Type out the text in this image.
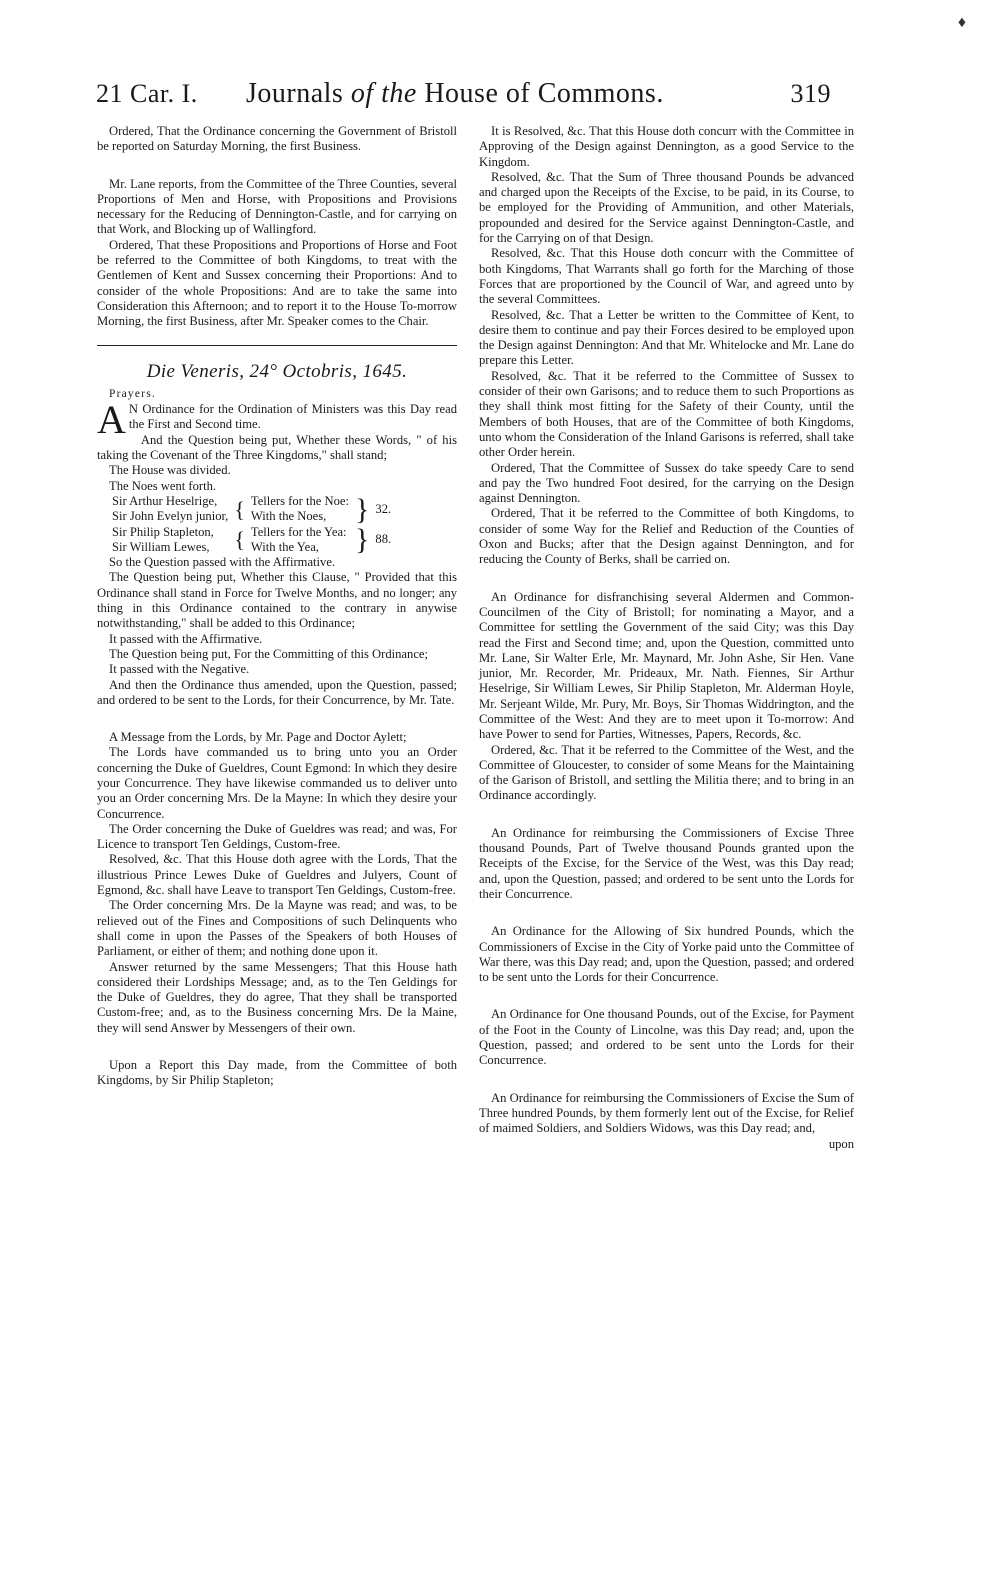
♦
21 Car. I. Journals of the House of Commons.	319

Ordered, That the Ordinance concerning the Government of Bristoll be reported on Saturday Morning, the first Business.

Mr. Lane reports, from the Committee of the Three Counties, several Proportions of Men and Horse, with Propositions and Provisions necessary for the Reducing of Dennington-Castle, and for carrying on that Work, and Blocking up of Wallingford.

Ordered, That these Propositions and Proportions of Horse and Foot be referred to the Committee of both Kingdoms, to treat with the Gentlemen of Kent and Sussex concerning their Proportions: And to consider of the whole Propositions: And are to take the same into Consideration this Afternoon; and to report it to the House To-morrow Morning, the first Business, after Mr. Speaker comes to the Chair.

Die Veneris, 24° Octobris, 1645.

Prayers.

A N Ordinance for the Ordination of Ministers was this Day read the First and Second time.

And the Question being put, Whether these Words, " of his taking the Covenant of the Three Kingdoms," shall stand;

The House was divided.

The Noes went forth.

Sir Arthur Heselrige,	{	Tellers for the Noe:	}	32.
Sir John Evelyn junior,		With the Noes,		
Sir Philip Stapleton,	{	Tellers for the Yea:	}	88.
Sir William Lewes,		With the Yea,		

So the Question passed with the Affirmative.

The Question being put, Whether this Clause, " Provided that this Ordinance shall stand in Force for Twelve Months, and no longer; any thing in this Ordinance contained to the contrary in anywise notwithstanding," shall be added to this Ordinance;

It passed with the Affirmative.

The Question being put, For the Committing of this Ordinance;

It passed with the Negative.

And then the Ordinance thus amended, upon the Question, passed; and ordered to be sent to the Lords, for their Concurrence, by Mr. Tate.

A Message from the Lords, by Mr. Page and Doctor Aylett;

The Lords have commanded us to bring unto you an Order concerning the Duke of Gueldres, Count Egmond: In which they desire your Concurrence. They have likewise commanded us to deliver unto you an Order concerning Mrs. De la Mayne: In which they desire your Concurrence.

The Order concerning the Duke of Gueldres was read; and was, For Licence to transport Ten Geldings, Custom-free.

Resolved, &c. That this House doth agree with the Lords, That the illustrious Prince Lewes Duke of Gueldres and Julyers, Count of Egmond, &c. shall have Leave to transport Ten Geldings, Custom-free.

The Order concerning Mrs. De la Mayne was read; and was, to be relieved out of the Fines and Compositions of such Delinquents who shall come in upon the Passes of the Speakers of both Houses of Parliament, or either of them; and nothing done upon it.

Answer returned by the same Messengers; That this House hath considered their Lordships Message; and, as to the Ten Geldings for the Duke of Gueldres, they do agree, That they shall be transported Custom-free; and, as to the Business concerning Mrs. De la Maine, they will send Answer by Messengers of their own.

Upon a Report this Day made, from the Committee of both Kingdoms, by Sir Philip Stapleton;

It is Resolved, &c. That this House doth concurr with the Committee in Approving of the Design against Dennington, as a good Service to the Kingdom.

Resolved, &c. That the Sum of Three thousand Pounds be advanced and charged upon the Receipts of the Excise, to be paid, in its Course, to be employed for the Providing of Ammunition, and other Materials, propounded and desired for the Service against Dennington-Castle, and for the Carrying on of that Design.

Resolved, &c. That this House doth concurr with the Committee of both Kingdoms, That Warrants shall go forth for the Marching of those Forces that are proportioned by the Council of War, and agreed unto by the several Committees.

Resolved, &c. That a Letter be written to the Committee of Kent, to desire them to continue and pay their Forces desired to be employed upon the Design against Dennington: And that Mr. Whitelocke and Mr. Lane do prepare this Letter.

Resolved, &c. That it be referred to the Committee of Sussex to consider of their own Garisons; and to reduce them to such Proportions as they shall think most fitting for the Safety of their County, until the Members of both Houses, that are of the Committee of both Kingdoms, unto whom the Consideration of the Inland Garisons is referred, shall take other Order herein.

Ordered, That the Committee of Sussex do take speedy Care to send and pay the Two hundred Foot desired, for the carrying on the Design against Dennington.

Ordered, That it be referred to the Committee of both Kingdoms, to consider of some Way for the Relief and Reduction of the Counties of Oxon and Bucks; after that the Design against Dennington, and for reducing the County of Berks, shall be carried on.

An Ordinance for disfranchising several Aldermen and Common-Councilmen of the City of Bristoll; for nominating a Mayor, and a Committee for settling the Government of the said City; was this Day read the First and Second time; and, upon the Question, committed unto Mr. Lane, Sir Walter Erle, Mr. Maynard, Mr. John Ashe, Sir Hen. Vane junior, Mr. Recorder, Mr. Prideaux, Mr. Nath. Fiennes, Sir Arthur Heselrige, Sir William Lewes, Sir Philip Stapleton, Mr. Alderman Hoyle, Mr. Serjeant Wilde, Mr. Pury, Mr. Boys, Sir Thomas Widdrington, and the Committee of the West: And they are to meet upon it To-morrow: And have Power to send for Parties, Witnesses, Papers, Records, &c.

Ordered, &c. That it be referred to the Committee of the West, and the Committee of Gloucester, to consider of some Means for the Maintaining of the Garison of Bristoll, and settling the Militia there; and to bring in an Ordinance accordingly.

An Ordinance for reimbursing the Commissioners of Excise Three thousand Pounds, Part of Twelve thousand Pounds granted upon the Receipts of the Excise, for the Service of the West, was this Day read; and, upon the Question, passed; and ordered to be sent unto the Lords for their Concurrence.

An Ordinance for the Allowing of Six hundred Pounds, which the Commissioners of Excise in the City of Yorke paid unto the Committee of War there, was this Day read; and, upon the Question, passed; and ordered to be sent unto the Lords for their Concurrence.

An Ordinance for One thousand Pounds, out of the Excise, for Payment of the Foot in the County of Lincolne, was this Day read; and, upon the Question, passed; and ordered to be sent unto the Lords for their Concurrence.

An Ordinance for reimbursing the Commissioners of Excise the Sum of Three hundred Pounds, by them formerly lent out of the Excise, for Relief of maimed Soldiers, and Soldiers Widows, was this Day read; and,

upon
